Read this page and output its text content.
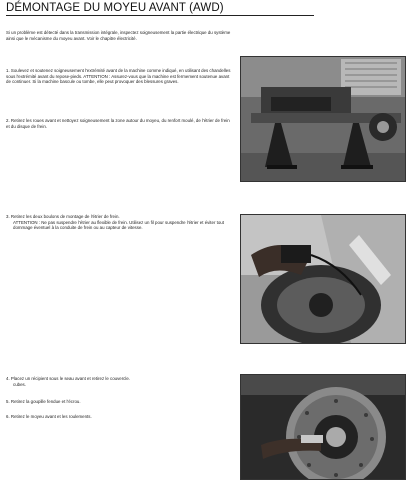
DÉMONTAGE DU MOYEU AVANT (AWD)
Si un problème est détecté dans la transmission intégrale, inspectez soigneusement la partie électrique du système ainsi que le mécanisme du moyeu avant. Voir le chapitre électricité.
1. Soulevez et soutenez soigneusement l'extrémité avant de la machine comme indiqué, en utilisant des chandelles sous l'extrémité avant du repose-pieds. ATTENTION : Assurez-vous que la machine est fermement soutenue avant de continuer. Si la machine bascule ou tombe, elle peut provoquer des blessures graves.
2. Retirez les roues avant et nettoyez soigneusement la zone autour du moyeu, du renfort moulé, de l'étrier de frein et du disque de frein.
3. Retirez les deux boulons de montage de l'étrier de frein.
ATTENTION : Ne pas suspendre l'étrier au flexible de frein. Utilisez un fil pour suspendre l'étrier et éviter tout dommage éventuel à la conduite de frein ou au capteur de vitesse.
4. Placez un récipient sous le seau avant et retirez le couvercle.
cubes.
5. Retirez la goupille fendue et l'écrou.
6. Retirez le moyeu avant et les roulements.
